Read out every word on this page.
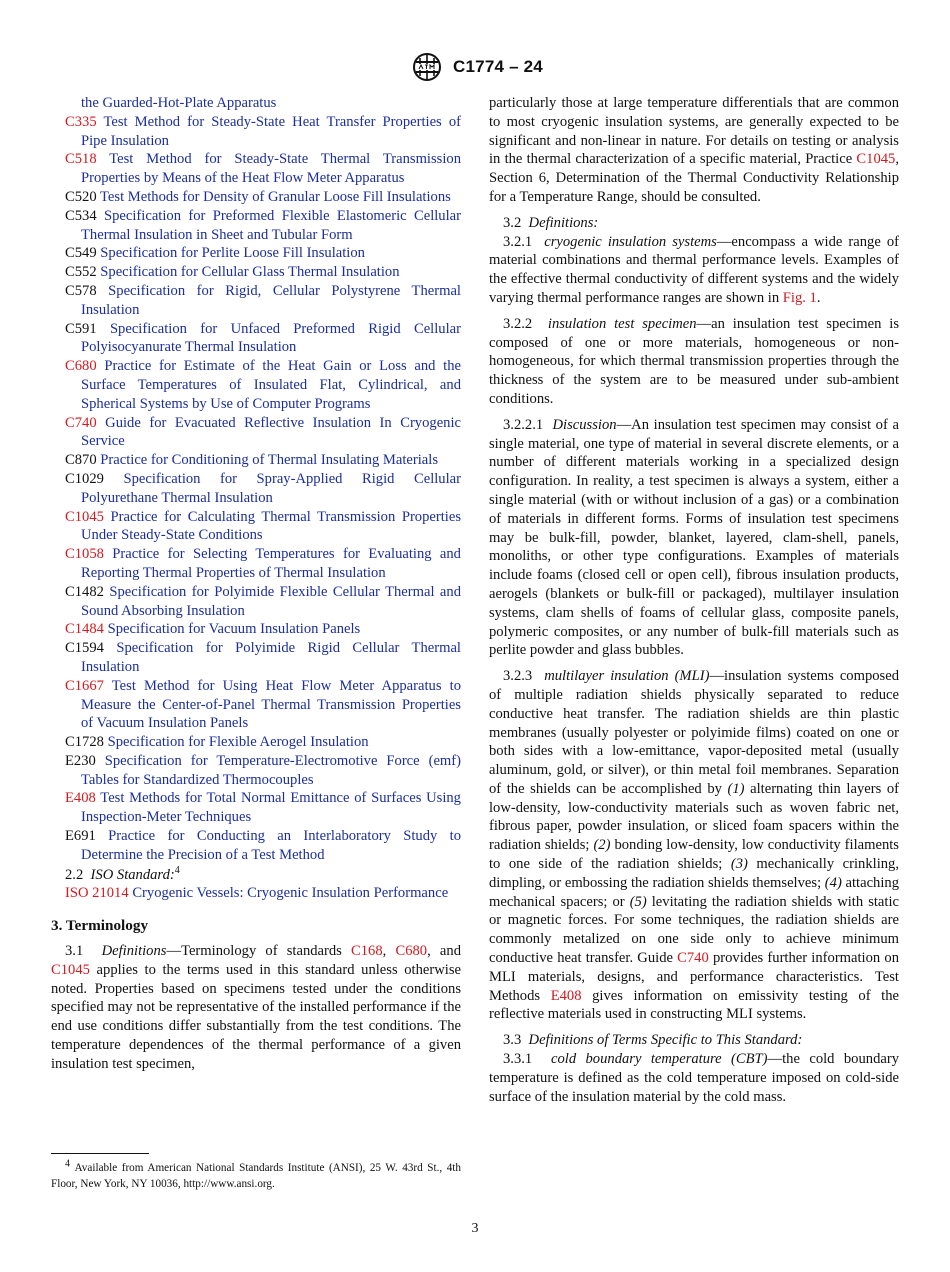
C1774 – 24

the Guarded-Hot-Plate Apparatus

C335 Test Method for Steady-State Heat Transfer Properties of Pipe Insulation

C518 Test Method for Steady-State Thermal Transmission Properties by Means of the Heat Flow Meter Apparatus

C520 Test Methods for Density of Granular Loose Fill Insulations

C534 Specification for Preformed Flexible Elastomeric Cellular Thermal Insulation in Sheet and Tubular Form

C549 Specification for Perlite Loose Fill Insulation

C552 Specification for Cellular Glass Thermal Insulation

C578 Specification for Rigid, Cellular Polystyrene Thermal Insulation

C591 Specification for Unfaced Preformed Rigid Cellular Polyisocyanurate Thermal Insulation

C680 Practice for Estimate of the Heat Gain or Loss and the Surface Temperatures of Insulated Flat, Cylindrical, and Spherical Systems by Use of Computer Programs

C740 Guide for Evacuated Reflective Insulation In Cryogenic Service

C870 Practice for Conditioning of Thermal Insulating Materials

C1029 Specification for Spray-Applied Rigid Cellular Polyurethane Thermal Insulation

C1045 Practice for Calculating Thermal Transmission Properties Under Steady-State Conditions

C1058 Practice for Selecting Temperatures for Evaluating and Reporting Thermal Properties of Thermal Insulation

C1482 Specification for Polyimide Flexible Cellular Thermal and Sound Absorbing Insulation

C1484 Specification for Vacuum Insulation Panels

C1594 Specification for Polyimide Rigid Cellular Thermal Insulation

C1667 Test Method for Using Heat Flow Meter Apparatus to Measure the Center-of-Panel Thermal Transmission Properties of Vacuum Insulation Panels

C1728 Specification for Flexible Aerogel Insulation

E230 Specification for Temperature-Electromotive Force (emf) Tables for Standardized Thermocouples

E408 Test Methods for Total Normal Emittance of Surfaces Using Inspection-Meter Techniques

E691 Practice for Conducting an Interlaboratory Study to Determine the Precision of a Test Method

2.2 ISO Standard:$^4$

ISO 21014 Cryogenic Vessels: Cryogenic Insulation Performance

3. Terminology

3.1 Definitions—Terminology of standards C168, C680, and C1045 applies to the terms used in this standard unless otherwise noted. Properties based on specimens tested under the conditions specified may not be representative of the installed performance if the end use conditions differ substantially from the test conditions. The temperature dependences of the thermal performance of a given insulation test specimen,

particularly those at large temperature differentials that are common to most cryogenic insulation systems, are generally expected to be significant and non-linear in nature. For details on testing or analysis in the thermal characterization of a specific material, Practice C1045, Section 6, Determination of the Thermal Conductivity Relationship for a Temperature Range, should be consulted.

3.2 Definitions:

3.2.1 cryogenic insulation systems—encompass a wide range of material combinations and thermal performance levels. Examples of the effective thermal conductivity of different systems and the widely varying thermal performance ranges are shown in Fig. 1.

3.2.2 insulation test specimen—an insulation test specimen is composed of one or more materials, homogeneous or non-homogeneous, for which thermal transmission properties through the thickness of the system are to be measured under sub-ambient conditions.

3.2.2.1 Discussion—An insulation test specimen may consist of a single material, one type of material in several discrete elements, or a number of different materials working in a specialized design configuration. In reality, a test specimen is always a system, either a single material (with or without inclusion of a gas) or a combination of materials in different forms. Forms of insulation test specimens may be bulk-fill, powder, blanket, layered, clam-shell, panels, monoliths, or other type configurations. Examples of materials include foams (closed cell or open cell), fibrous insulation products, aerogels (blankets or bulk-fill or packaged), multilayer insulation systems, clam shells of foams of cellular glass, composite panels, polymeric composites, or any number of bulk-fill materials such as perlite powder and glass bubbles.

3.2.3 multilayer insulation (MLI)—insulation systems composed of multiple radiation shields physically separated to reduce conductive heat transfer. The radiation shields are thin plastic membranes (usually polyester or polyimide films) coated on one or both sides with a low-emittance, vapor-deposited metal (usually aluminum, gold, or silver), or thin metal foil membranes. Separation of the shields can be accomplished by (1) alternating thin layers of low-density, low-conductivity materials such as woven fabric net, fibrous paper, powder insulation, or sliced foam spacers within the radiation shields; (2) bonding low-density, low conductivity filaments to one side of the radiation shields; (3) mechanically crinkling, dimpling, or embossing the radiation shields themselves; (4) attaching mechanical spacers; or (5) levitating the radiation shields with static or magnetic forces. For some techniques, the radiation shields are commonly metalized on one side only to achieve minimum conductive heat transfer. Guide C740 provides further information on MLI materials, designs, and performance characteristics. Test Methods E408 gives information on emissivity testing of the reflective materials used in constructing MLI systems.

3.3 Definitions of Terms Specific to This Standard:

3.3.1 cold boundary temperature (CBT)—the cold boundary temperature is defined as the cold temperature imposed on cold-side surface of the insulation material by the cold mass.

$^4$ Available from American National Standards Institute (ANSI), 25 W. 43rd St., 4th Floor, New York, NY 10036, http://www.ansi.org.
3
